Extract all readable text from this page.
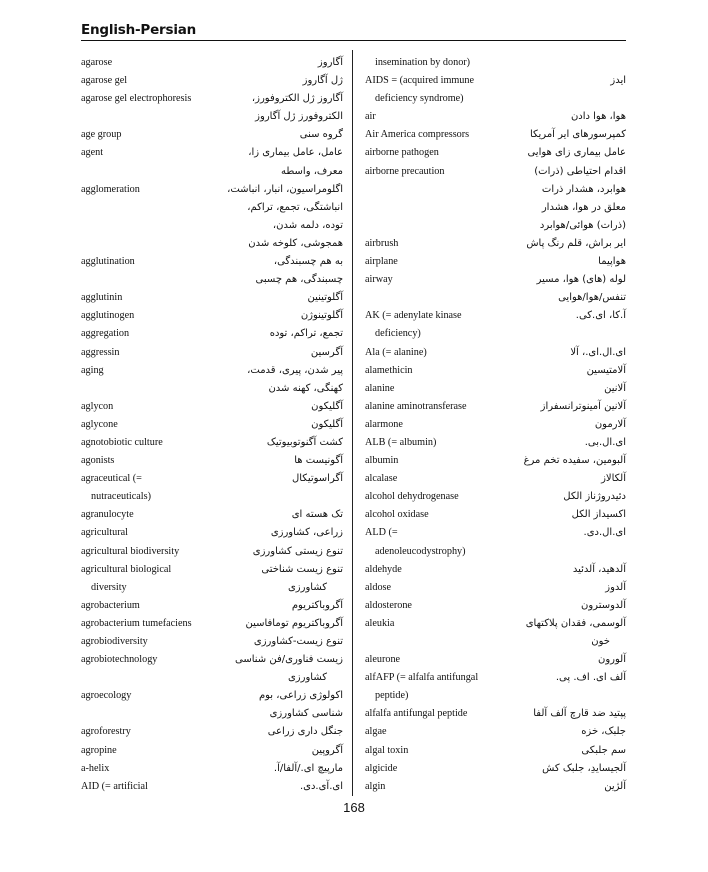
English-Persian
agarose	آگاروز
agarose gel	ژل آگاروز
agarose gel electrophoresis	آگاروز ژل الکتروفورز،
الکتروفورز ژل آگاروز
age group	گروه سنی
agent	عامل، عامل بیماری زا،
معرف، واسطه
agglomeration	اگلومراسیون، انبار، انباشت،
انباشتگی، تجمع، تراکم،
توده، دلمه شدن،
همجوشی، کلوخه شدن
agglutination	به هم چسبندگی،
چسبندگی، هم چسبی
agglutinin	آگلوتینین
agglutinogen	آگلوتینوژن
aggregation	تجمع، تراکم، توده
aggressin	آگرسین
aging	پیر شدن، پیری، قدمت،
کهنگی، کهنه شدن
aglycon	آگلیکون
aglycone	آگلیکون
agnotobiotic culture	کشت آگنوتوبیوتیک
agonists	آگونیست ها
agraceutical (=	آگراسوتیکال
nutraceuticals)
agranulocyte	تک هسته ای
agricultural	زراعی، کشاورزی
agricultural biodiversity	تنوع زیستی کشاورزی
agricultural biological	تنوع زیست شناختی
diversity	کشاورزی
agrobacterium	آگروباکتریوم
agrobacterium tumefaciens	آگروباکتریوم تومافاسین
agrobiodiversity	تنوع زیست-کشاورزی
agrobiotechnology	زیست فناوری/فن شناسی
کشاورزی
agroecology	اکولوژی زراعی، بوم
شناسی کشاورزی
agroforestry	جنگل داری زراعی
agropine	آگروپین
a-helix	مارپیچ ای./آلفا/آ.
AID (= artificial	ای.آی.دی.
insemination by donor)
AIDS = (acquired immune	ایدز
deficiency syndrome)
air	هوا، هوا دادن
Air America compressors	کمپرسورهای ایر آمریکا
airborne pathogen	عامل بیماری زای هوایی
airborne precaution	اقدام احتیاطی (ذرات)
هوابرد، هشدار ذرات
معلق در هوا، هشدار
(ذرات) هوائی/هوابرد
airbrush	ایر براش، قلم رنگ پاش
airplane	هواپیما
airway	لوله (های) هوا، مسیر
تنفس/هوا/هوایی
AK (= adenylate kinase	آ.کا، ای.کی.
deficiency)
Ala (= alanine)	ای.ال.ای.، آلا
alamethicin	آلامتیسین
alanine	آلانین
alanine aminotransferase	آلانین آمینوترانسفراز
alarmone	آلارمون
ALB (= albumin)	ای.ال.بی.
albumin	آلبومین، سفیده تخم مرغ
alcalase	آلکالاز
alcohol dehydrogenase	دئیدروژناز الکل
alcohol oxidase	اکسیداز الکل
ALD (=	ای.ال.دی.
adenoleucodystrophy)
aldehyde	آلدهید، آلدئید
aldose	آلدوز
aldosterone	آلدوسترون
aleukia	آلوسمی، فقدان پلاکتهای
خون
aleurone	آلورون
alfAFP (= alfalfa antifungal	آلف ای. اف. پی.
peptide)
alfalfa antifungal peptide	پپتید ضد قارچ آلف آلفا
algae	جلبک، خزه
algal toxin	سم جلبکی
algicide	آلجیسایدِ، جلبک کش
algin	آلژین
168
